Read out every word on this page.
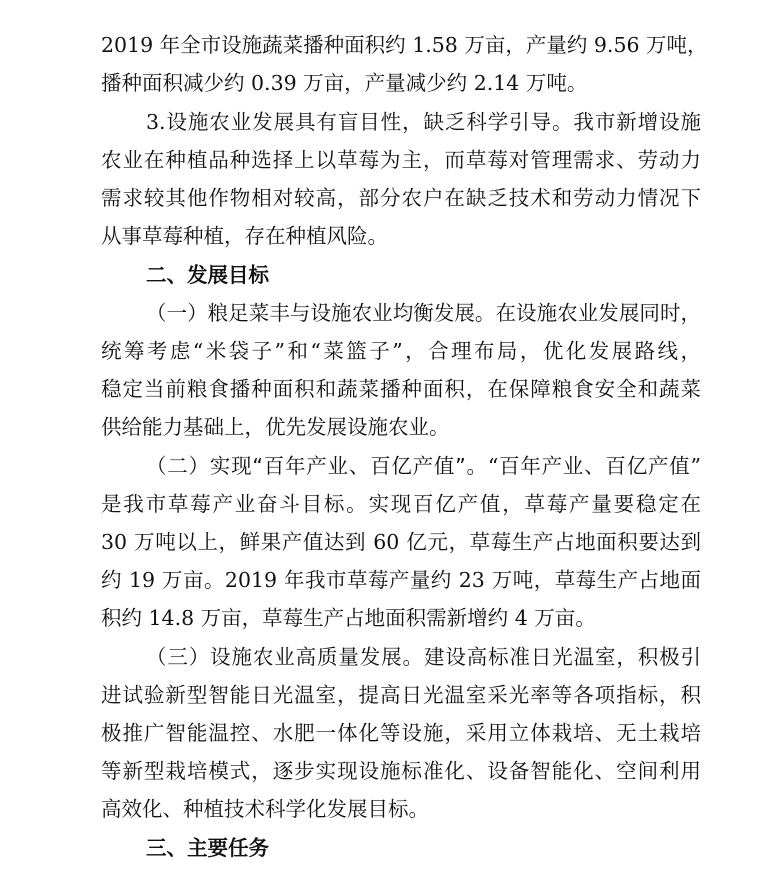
2019 年全市设施蔬菜播种面积约 1.58 万亩，产量约 9.56 万吨，
播种面积减少约 0.39 万亩，产量减少约 2.14 万吨。
3.设施农业发展具有盲目性，缺乏科学引导。我市新增设施
农业在种植品种选择上以草莓为主，而草莓对管理需求、劳动力
需求较其他作物相对较高，部分农户在缺乏技术和劳动力情况下
从事草莓种植，存在种植风险。
二、发展目标
（一）粮足菜丰与设施农业均衡发展。在设施农业发展同时，
统筹考虑“米袋子”和“菜篮子”，合理布局，优化发展路线，
稳定当前粮食播种面积和蔬菜播种面积，在保障粮食安全和蔬菜
供给能力基础上，优先发展设施农业。
（二）实现“百年产业、百亿产值”。“百年产业、百亿产值”
是我市草莓产业奋斗目标。实现百亿产值，草莓产量要稳定在
30 万吨以上，鲜果产值达到 60 亿元，草莓生产占地面积要达到
约 19 万亩。2019 年我市草莓产量约 23 万吨，草莓生产占地面
积约 14.8 万亩，草莓生产占地面积需新增约 4 万亩。
（三）设施农业高质量发展。建设高标准日光温室，积极引
进试验新型智能日光温室，提高日光温室采光率等各项指标，积
极推广智能温控、水肥一体化等设施，采用立体栽培、无土栽培
等新型栽培模式，逐步实现设施标准化、设备智能化、空间利用
高效化、种植技术科学化发展目标。
三、主要任务
